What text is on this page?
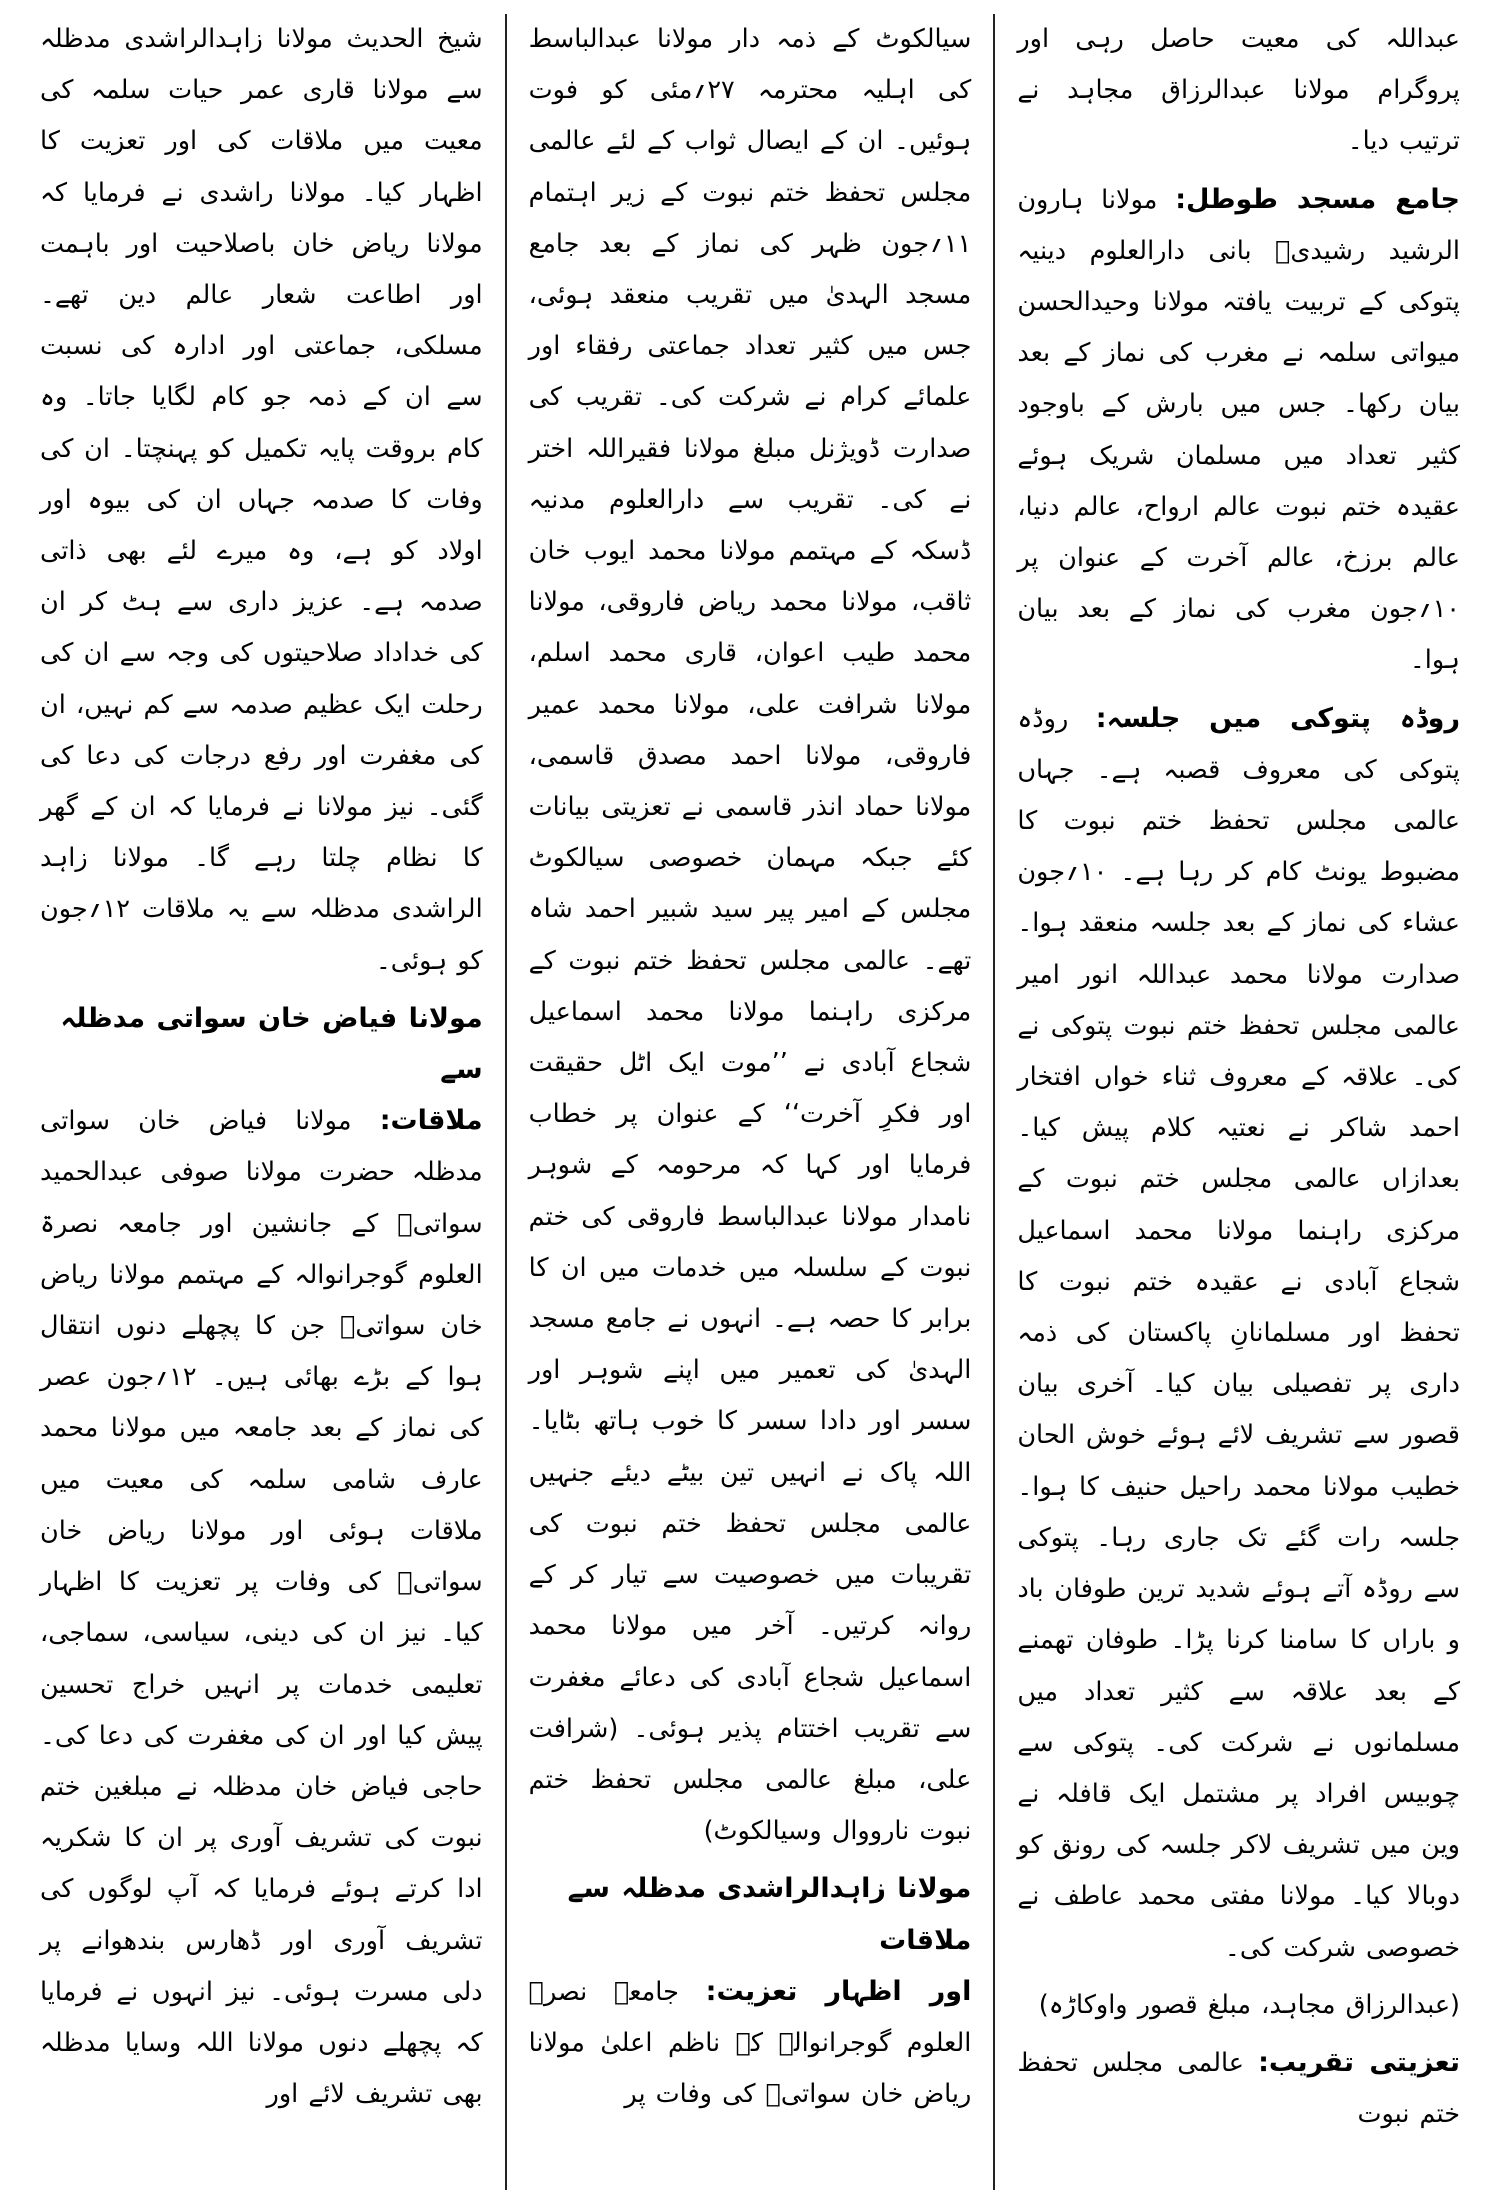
عبداللہ کی معیت حاصل رہی اور پروگرام مولانا عبدالرزاق مجاہد نے ترتیب دیا۔

جامع مسجد طوطل: مولانا ہارون الرشید رشیدیؒ بانی دارالعلوم دینیہ پتوکی کے تربیت یافتہ مولانا وحیدالحسن میواتی سلمہ نے مغرب کی نماز کے بعد بیان رکھا۔ جس میں بارش کے باوجود کثیر تعداد میں مسلمان شریک ہوئے عقیدہ ختم نبوت عالم ارواح، عالم دنیا، عالم برزخ، عالم آخرت کے عنوان پر ۱۰؍جون مغرب کی نماز کے بعد بیان ہوا۔

روڈہ پتوکی میں جلسہ: روڈہ پتوکی کی معروف قصبہ ہے۔ جہاں عالمی مجلس تحفظ ختم نبوت کا مضبوط یونٹ کام کر رہا ہے۔ ۱۰؍جون عشاء کی نماز کے بعد جلسہ منعقد ہوا۔ صدارت مولانا محمد عبداللہ انور امیر عالمی مجلس تحفظ ختم نبوت پتوکی نے کی۔ علاقہ کے معروف ثناء خواں افتخار احمد شاکر نے نعتیہ کلام پیش کیا۔ بعدازاں عالمی مجلس ختم نبوت کے مرکزی راہنما مولانا محمد اسماعیل شجاع آبادی نے عقیدہ ختم نبوت کا تحفظ اور مسلمانانِ پاکستان کی ذمہ داری پر تفصیلی بیان کیا۔ آخری بیان قصور سے تشریف لائے ہوئے خوش الحان خطیب مولانا محمد راحیل حنیف کا ہوا۔ جلسہ رات گئے تک جاری رہا۔ پتوکی سے روڈہ آتے ہوئے شدید ترین طوفان باد و باراں کا سامنا کرنا پڑا۔ طوفان تھمنے کے بعد علاقہ سے کثیر تعداد میں مسلمانوں نے شرکت کی۔ پتوکی سے چوبیس افراد پر مشتمل ایک قافلہ نے وین میں تشریف لاکر جلسہ کی رونق کو دوبالا کیا۔ مولانا مفتی محمد عاطف نے خصوصی شرکت کی۔

(عبدالرزاق مجاہد، مبلغ قصور واوکاڑہ)

تعزیتی تقریب: عالمی مجلس تحفظ ختم نبوت

سیالکوٹ کے ذمہ دار مولانا عبدالباسط کی اہلیہ محترمہ ۲۷؍مئی کو فوت ہوئیں۔ ان کے ایصال ثواب کے لئے عالمی مجلس تحفظ ختم نبوت کے زیر اہتمام ۱۱؍جون ظہر کی نماز کے بعد جامع مسجد الہدیٰ میں تقریب منعقد ہوئی، جس میں کثیر تعداد جماعتی رفقاء اور علمائے کرام نے شرکت کی۔ تقریب کی صدارت ڈویژنل مبلغ مولانا فقیراللہ اختر نے کی۔ تقریب سے دارالعلوم مدنیہ ڈسکہ کے مہتمم مولانا محمد ایوب خان ثاقب، مولانا محمد ریاض فاروقی، مولانا محمد طیب اعوان، قاری محمد اسلم، مولانا شرافت علی، مولانا محمد عمیر فاروقی، مولانا احمد مصدق قاسمی، مولانا حماد انذر قاسمی نے تعزیتی بیانات کئے جبکہ مہمان خصوصی سیالکوٹ مجلس کے امیر پیر سید شبیر احمد شاہ تھے۔ عالمی مجلس تحفظ ختم نبوت کے مرکزی راہنما مولانا محمد اسماعیل شجاع آبادی نے ’’موت ایک اٹل حقیقت اور فکرِ آخرت‘‘ کے عنوان پر خطاب فرمایا اور کہا کہ مرحومہ کے شوہر نامدار مولانا عبدالباسط فاروقی کی ختم نبوت کے سلسلہ میں خدمات میں ان کا برابر کا حصہ ہے۔ انہوں نے جامع مسجد الہدیٰ کی تعمیر میں اپنے شوہر اور سسر اور دادا سسر کا خوب ہاتھ بٹایا۔ اللہ پاک نے انہیں تین بیٹے دیئے جنہیں عالمی مجلس تحفظ ختم نبوت کی تقریبات میں خصوصیت سے تیار کر کے روانہ کرتیں۔ آخر میں مولانا محمد اسماعیل شجاع آبادی کی دعائے مغفرت سے تقریب اختتام پذیر ہوئی۔ (شرافت علی، مبلغ عالمی مجلس تحفظ ختم نبوت نارووال وسیالکوٹ)

مولانا زاہدالراشدی مدظلہ سے ملاقات

اور اظہار تعزیت: جامعہ نصرۃ العلوم گوجرانوالہ کے ناظم اعلیٰ مولانا ریاض خان سواتیؒ کی وفات پر

شیخ الحدیث مولانا زاہدالراشدی مدظلہ سے مولانا قاری عمر حیات سلمہ کی معیت میں ملاقات کی اور تعزیت کا اظہار کیا۔ مولانا راشدی نے فرمایا کہ مولانا ریاض خان باصلاحیت اور باہمت اور اطاعت شعار عالم دین تھے۔ مسلکی، جماعتی اور ادارہ کی نسبت سے ان کے ذمہ جو کام لگایا جاتا۔ وہ کام بروقت پایہ تکمیل کو پہنچتا۔ ان کی وفات کا صدمہ جہاں ان کی بیوہ اور اولاد کو ہے، وہ میرے لئے بھی ذاتی صدمہ ہے۔ عزیز داری سے ہٹ کر ان کی خداداد صلاحیتوں کی وجہ سے ان کی رحلت ایک عظیم صدمہ سے کم نہیں، ان کی مغفرت اور رفع درجات کی دعا کی گئی۔ نیز مولانا نے فرمایا کہ ان کے گھر کا نظام چلتا رہے گا۔ مولانا زاہد الراشدی مدظلہ سے یہ ملاقات ۱۲؍جون کو ہوئی۔

مولانا فیاض خان سواتی مدظلہ سے

ملاقات: مولانا فیاض خان سواتی مدظلہ حضرت مولانا صوفی عبدالحمید سواتیؒ کے جانشین اور جامعہ نصرۃ العلوم گوجرانوالہ کے مہتمم مولانا ریاض خان سواتیؒ جن کا پچھلے دنوں انتقال ہوا کے بڑے بھائی ہیں۔ ۱۲؍جون عصر کی نماز کے بعد جامعہ میں مولانا محمد عارف شامی سلمہ کی معیت میں ملاقات ہوئی اور مولانا ریاض خان سواتیؒ کی وفات پر تعزیت کا اظہار کیا۔ نیز ان کی دینی، سیاسی، سماجی، تعلیمی خدمات پر انہیں خراج تحسین پیش کیا اور ان کی مغفرت کی دعا کی۔ حاجی فیاض خان مدظلہ نے مبلغین ختم نبوت کی تشریف آوری پر ان کا شکریہ ادا کرتے ہوئے فرمایا کہ آپ لوگوں کی تشریف آوری اور ڈھارس بندھوانے پر دلی مسرت ہوئی۔ نیز انہوں نے فرمایا کہ پچھلے دنوں مولانا اللہ وسایا مدظلہ بھی تشریف لائے اور
